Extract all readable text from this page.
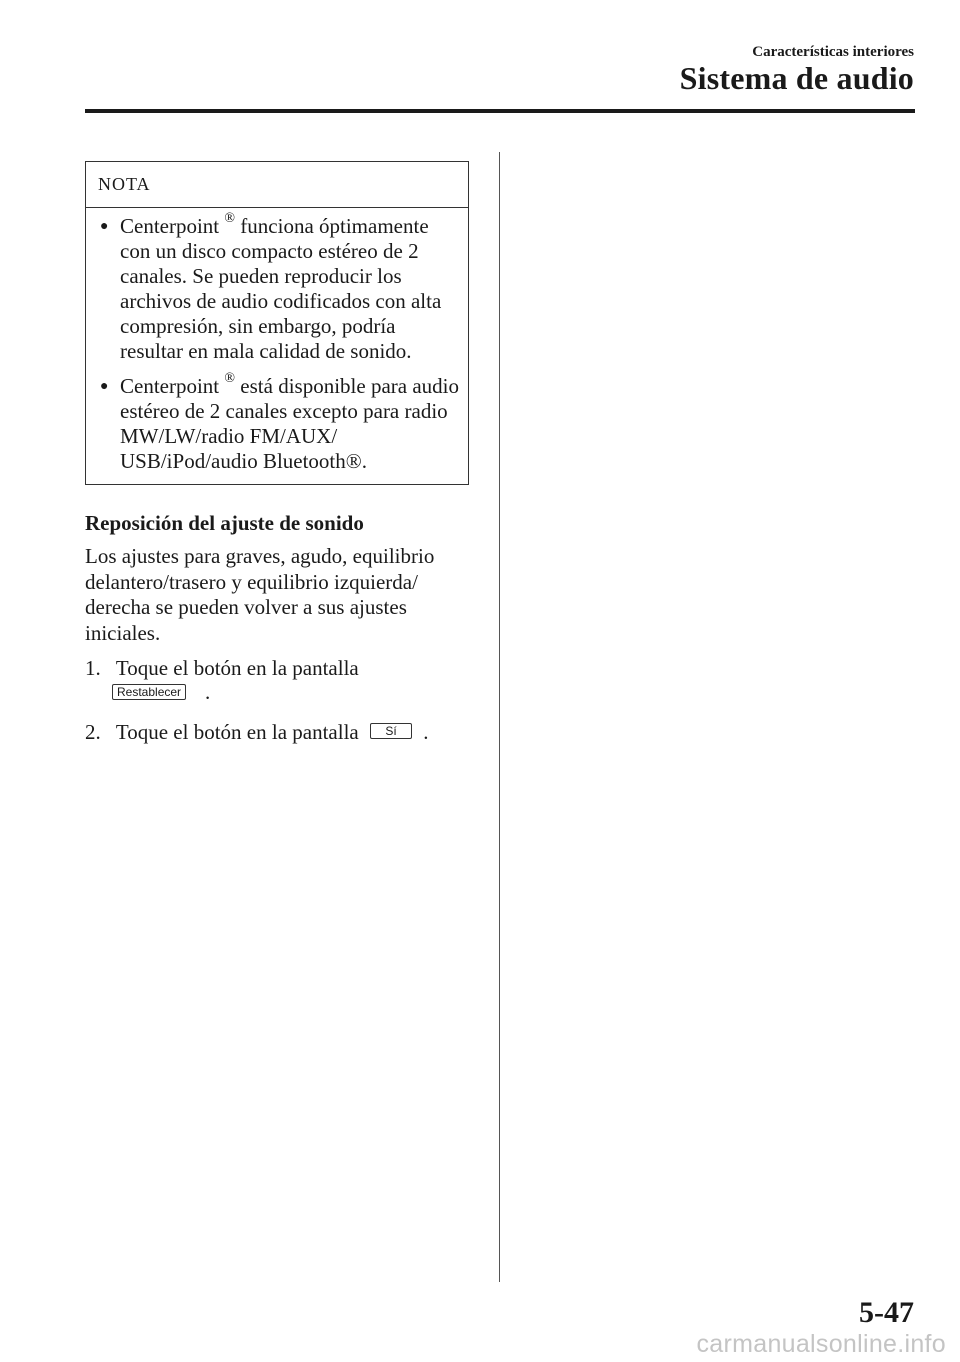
Características interiores
Sistema de audio
NOTA
● Centerpoint ® funciona óptimamente con un disco compacto estéreo de 2 canales. Se pueden reproducir los archivos de audio codificados con alta compresión, sin embargo, podría resultar en mala calidad de sonido.
● Centerpoint ® está disponible para audio estéreo de 2 canales excepto para radio MW/LW/radio FM/AUX/ USB/iPod/audio Bluetooth®.
Reposición del ajuste de sonido
Los ajustes para graves, agudo, equilibrio delantero/trasero y equilibrio izquierda/ derecha se pueden volver a sus ajustes iniciales.
1. Toque el botón en la pantalla
Restablecer .
2. Toque el botón en la pantalla Sí .
5-47
carmanualsonline.info
